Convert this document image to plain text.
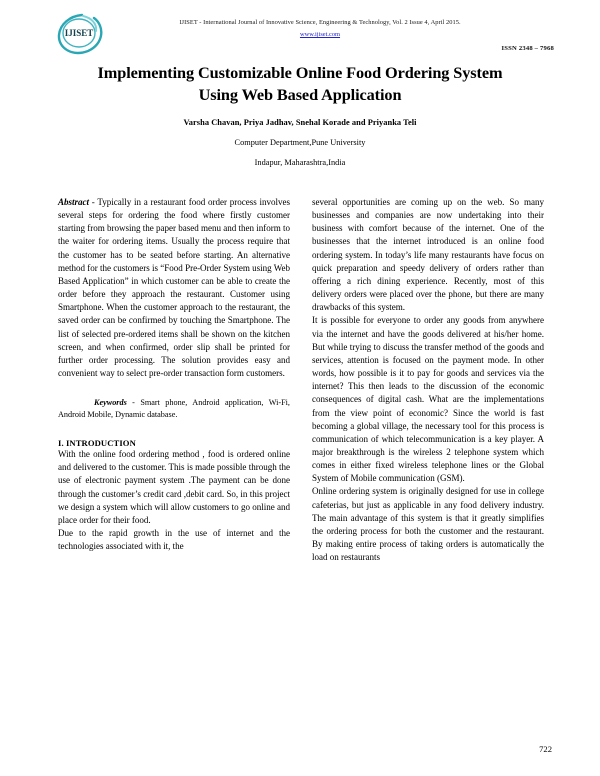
IJISET
IJISET - International Journal of Innovative Science, Engineering & Technology, Vol. 2 Issue 4, April 2015.
www.ijiset.com
ISSN 2348 – 7968
Implementing Customizable Online Food Ordering System
Using Web Based Application
Varsha Chavan, Priya Jadhav, Snehal Korade and Priyanka Teli
Computer Department,Pune University
Indapur, Maharashtra,India

Abstract - Typically in a restaurant food order process involves several steps for ordering the food where firstly customer starting from browsing the paper based menu and then inform to the waiter for ordering items. Usually the process require that the customer has to be seated before starting. An alternative method for the customers is “Food Pre-Order System using Web Based Application” in which customer can be able to create the order before they approach the restaurant. Customer using Smartphone. When the customer approach to the restaurant, the saved order can be confirmed by touching the Smartphone. The list of selected pre-ordered items shall be shown on the kitchen screen, and when confirmed, order slip shall be printed for further order processing. The solution provides easy and convenient way to select pre-order transaction form customers.

Keywords - Smart phone, Android application, Wi-Fi, Android Mobile, Dynamic database.

I. INTRODUCTION

With the online food ordering method , food is ordered online and delivered to the customer. This is made possible through the use of electronic payment system .The payment can be done through the customer’s credit card ,debit card. So, in this project we design a system which will allow customers to go online and place order for their food.

Due to the rapid growth in the use of internet and the technologies associated with it, the

several opportunities are coming up on the web. So many businesses and companies are now undertaking into their business with comfort because of the internet. One of the businesses that the internet introduced is an online food ordering system. In today’s life many restaurants have focus on quick preparation and speedy delivery of orders rather than offering a rich dining experience. Recently, most of this delivery orders were placed over the phone, but there are many drawbacks of this system.

It is possible for everyone to order any goods from anywhere via the internet and have the goods delivered at his/her home. But while trying to discuss the transfer method of the goods and services, attention is focused on the payment mode. In other words, how possible is it to pay for goods and services via the internet? This then leads to the discussion of the economic consequences of digital cash. What are the implementations from the view point of economic? Since the world is fast becoming a global village, the necessary tool for this process is communication of which telecommunication is a key player. A major breakthrough is the wireless 2 telephone system which comes in either fixed wireless telephone lines or the Global System of Mobile communication (GSM).

Online ordering system is originally designed for use in college cafeterias, but just as applicable in any food delivery industry. The main advantage of this system is that it greatly simplifies the ordering process for both the customer and the restaurant. By making entire process of taking orders is automatically the load on restaurants

722
